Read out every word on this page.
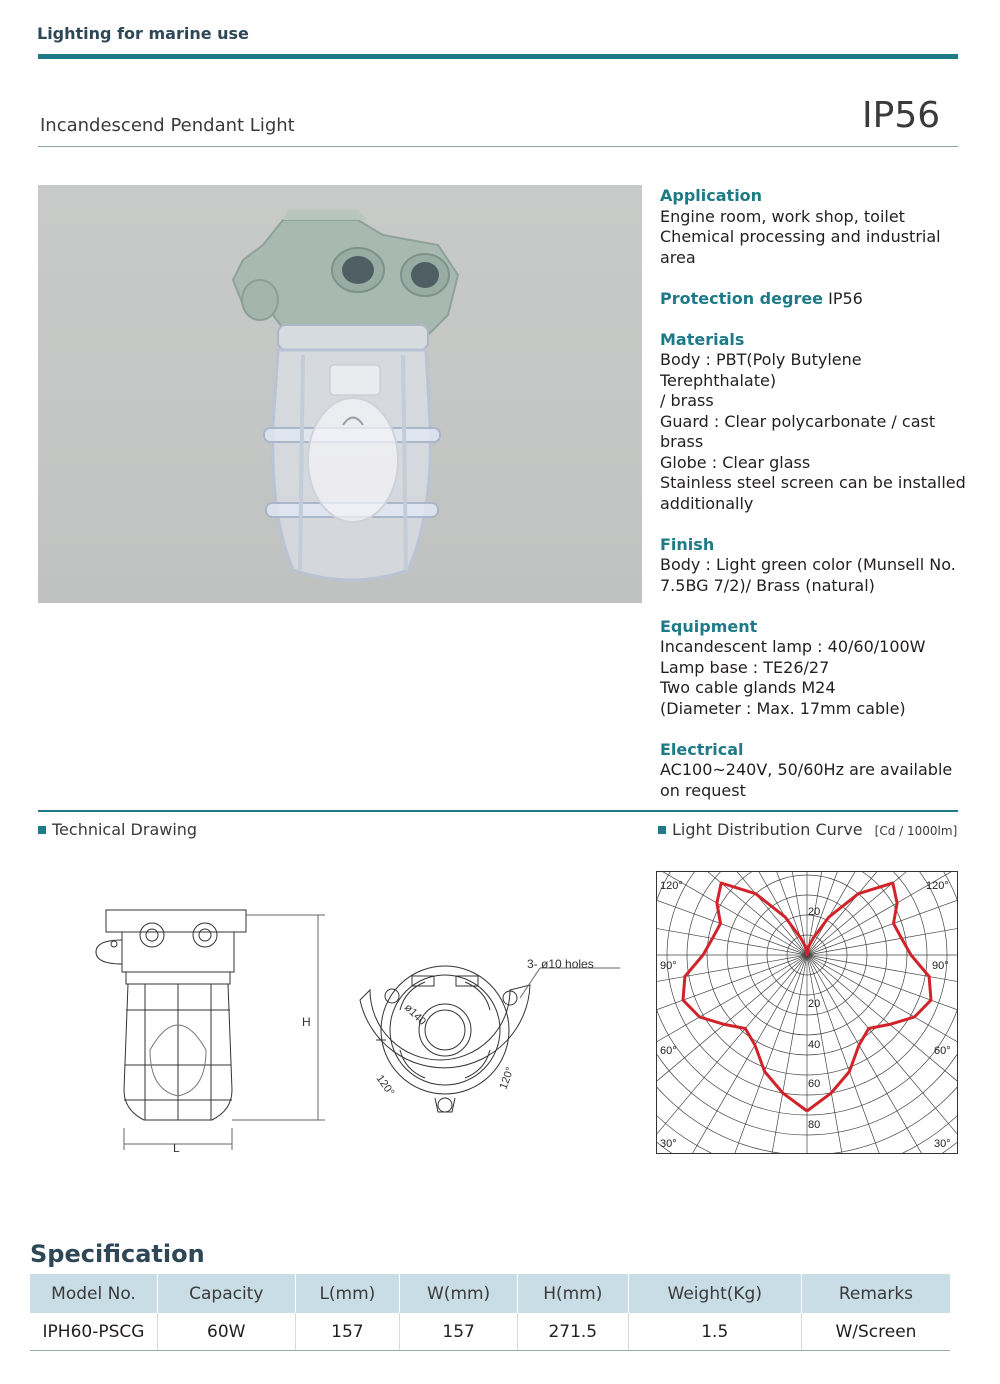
Lighting for marine use
Incandescend Pendant Light	IP56
Application
Engine room, work shop, toilet
Chemical processing and industrial area
Protection degree IP56
Materials
Body : PBT(Poly Butylene Terephthalate)
/ brass
Guard : Clear polycarbonate / cast brass
Globe : Clear glass
Stainless steel screen can be installed
additionally
Finish
Body : Light green color (Munsell No.
7.5BG 7/2)/ Brass (natural)
Equipment
Incandescent lamp : 40/60/100W
Lamp base : TE26/27
Two cable glands M24
(Diameter : Max. 17mm cable)
Electrical
AC100~240V, 50/60Hz are available
on request
Technical Drawing	Light Distribution Curve [Cd / 1000lm]
H
L
3- ø10 holes
ø140
120°	120°
120°	120°
90°	90°
60°	60°
30°	30°
20
20
40
60
80
Specification
Model No.	Capacity	L(mm)	W(mm)	H(mm)	Weight(Kg)	Remarks
IPH60-PSCG	60W	157	157	271.5	1.5	W/Screen
